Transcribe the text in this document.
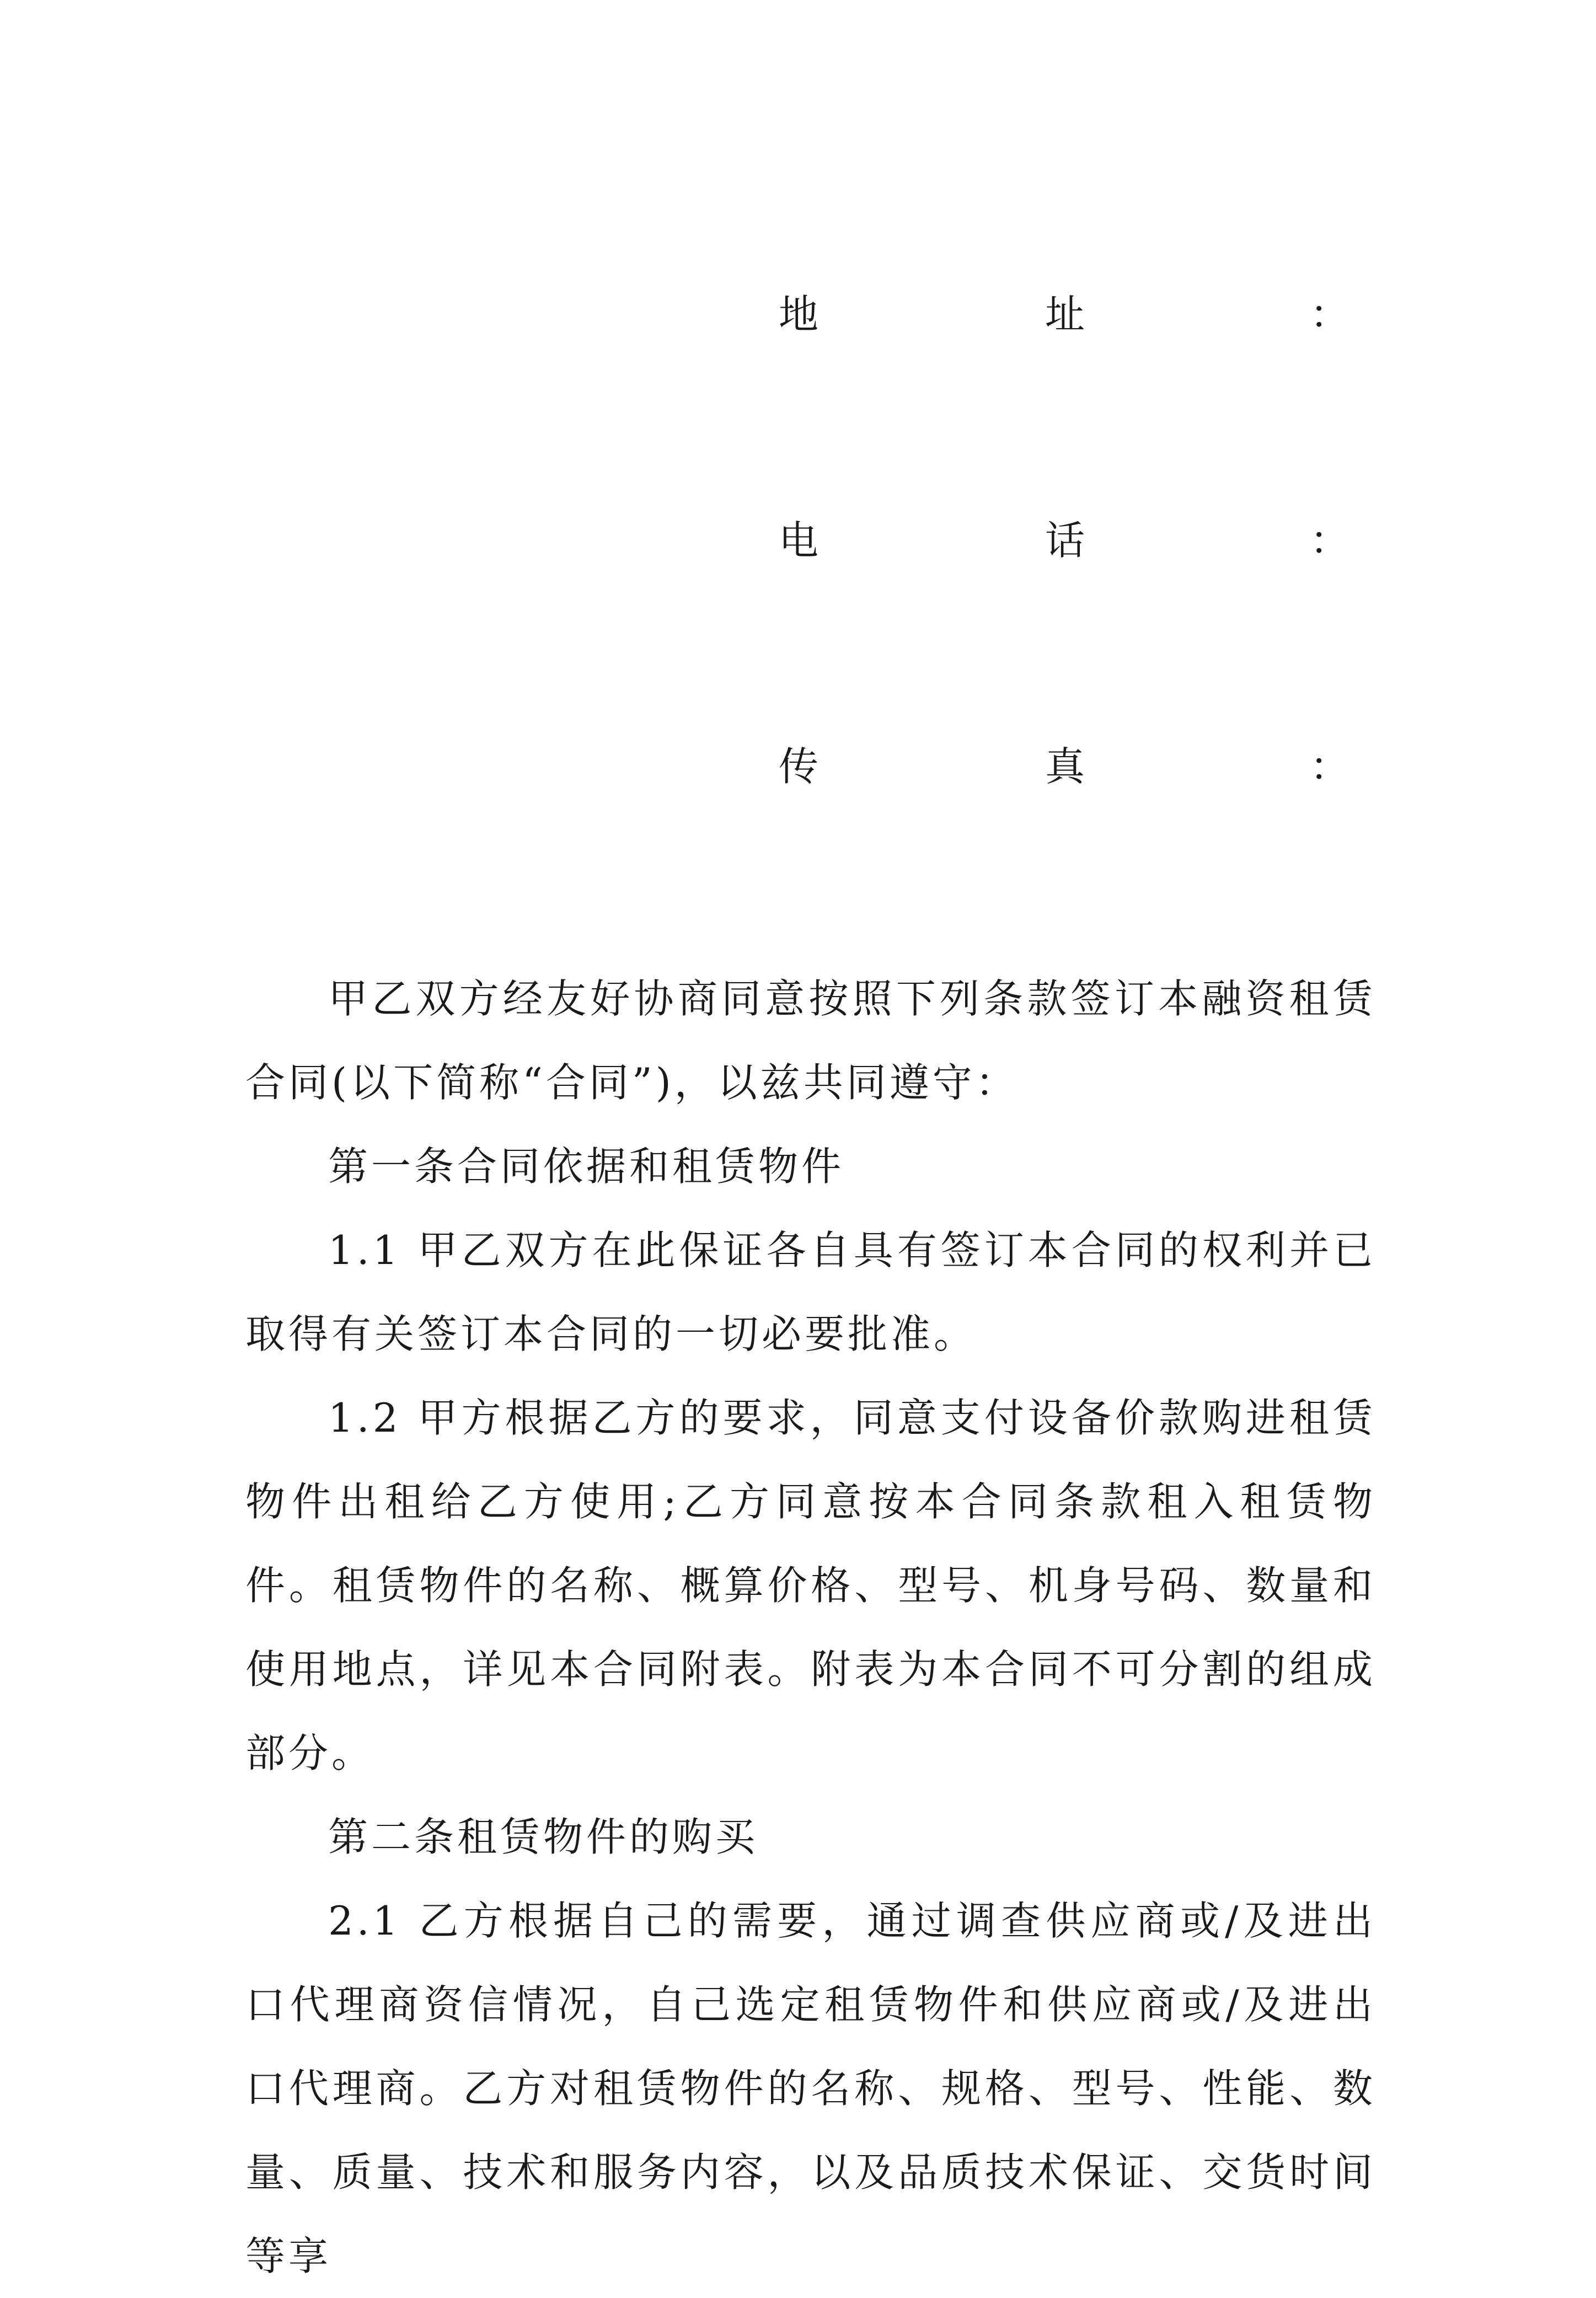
地	址	：
电	话	：
传	真	：

甲乙双方经友好协商同意按照下列条款签订本融资租赁合同(以下简称“合同”)，以兹共同遵守：

第一条合同依据和租赁物件

1.1 甲乙双方在此保证各自具有签订本合同的权利并已取得有关签订本合同的一切必要批准。

1.2 甲方根据乙方的要求，同意支付设备价款购进租赁物件出租给乙方使用;乙方同意按本合同条款租入租赁物件。租赁物件的名称、概算价格、型号、机身号码、数量和使用地点，详见本合同附表。附表为本合同不可分割的组成部分。

第二条租赁物件的购买

2.1 乙方根据自己的需要，通过调查供应商或/及进出口代理商资信情况，自己选定租赁物件和供应商或/及进出口代理商。乙方对租赁物件的名称、规格、型号、性能、数量、质量、技术和服务内容，以及品质技术保证、交货时间等享
